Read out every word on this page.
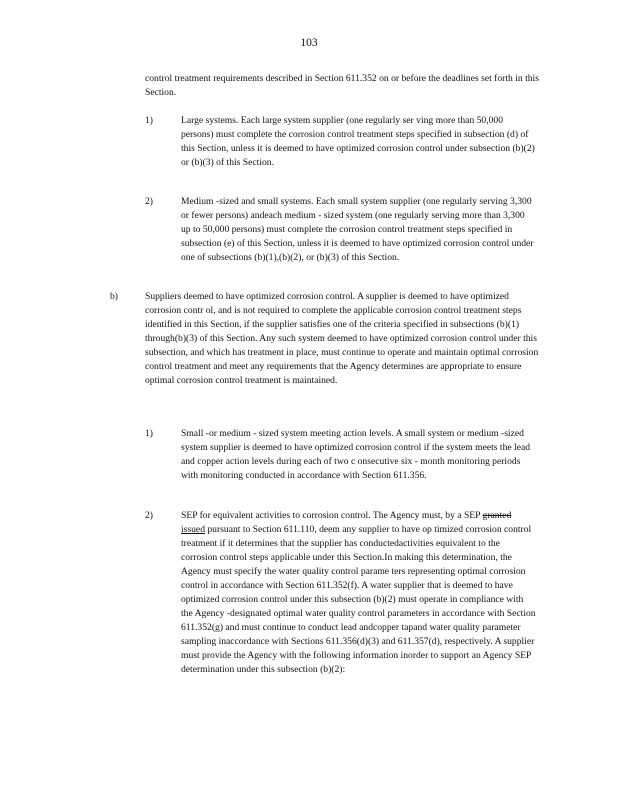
103
control treatment requirements described in Section 611.352 on or before the deadlines set forth in this Section.
1)	Large systems. Each large system supplier (one regularly ser ving more than 50,000 persons) must complete the corrosion control treatment steps specified in subsection (d) of this Section, unless it is deemed to have optimized corrosion control under subsection (b)(2) or (b)(3) of this Section.
2)	Medium -sized and small systems. Each small system supplier (one regularly serving 3,300 or fewer persons) andeach medium - sized system (one regularly serving more than 3,300 up to 50,000 persons) must complete the corrosion control treatment steps specified in subsection (e) of this Section, unless it is deemed to have optimized corrosion control under one of subsections (b)(1),(b)(2), or (b)(3) of this Section.
b)	Suppliers deemed to have optimized corrosion control. A supplier is deemed to have optimized corrosion contr ol, and is not required to complete the applicable corrosion control treatment steps identified in this Section, if the supplier satisfies one of the criteria specified in subsections (b)(1) through(b)(3) of this Section. Any such system deemed to have optimized corrosion control under this subsection, and which has treatment in place, must continue to operate and maintain optimal corrosion control treatment and meet any requirements that the Agency determines are appropriate to ensure optimal corrosion control treatment is maintained.
1)	Small -or medium - sized system meeting action levels. A small system or medium -sized system supplier is deemed to have optimized corrosion control if the system meets the lead and copper action levels during each of two c onsecutive six - month monitoring periods with monitoring conducted in accordance with Section 611.356.
2)	SEP for equivalent activities to corrosion control. The Agency must, by a SEP granted issued pursuant to Section 611.110, deem any supplier to have op timized corrosion control treatment if it determines that the supplier has conductedactivities equivalent to the corrosion control steps applicable under this Section.In making this determination, the Agency must specify the water quality control parame ters representing optimal corrosion control in accordance with Section 611.352(f). A water supplier that is deemed to have optimized corrosion control under this subsection (b)(2) must operate in compliance with the Agency -designated optimal water quality control parameters in accordance with Section 611.352(g) and must continue to conduct lead andcopper tapand water quality parameter sampling inaccordance with Sections 611.356(d)(3) and 611.357(d), respectively. A supplier must provide the Agency with the following information inorder to support an Agency SEP determination under this subsection (b)(2):
